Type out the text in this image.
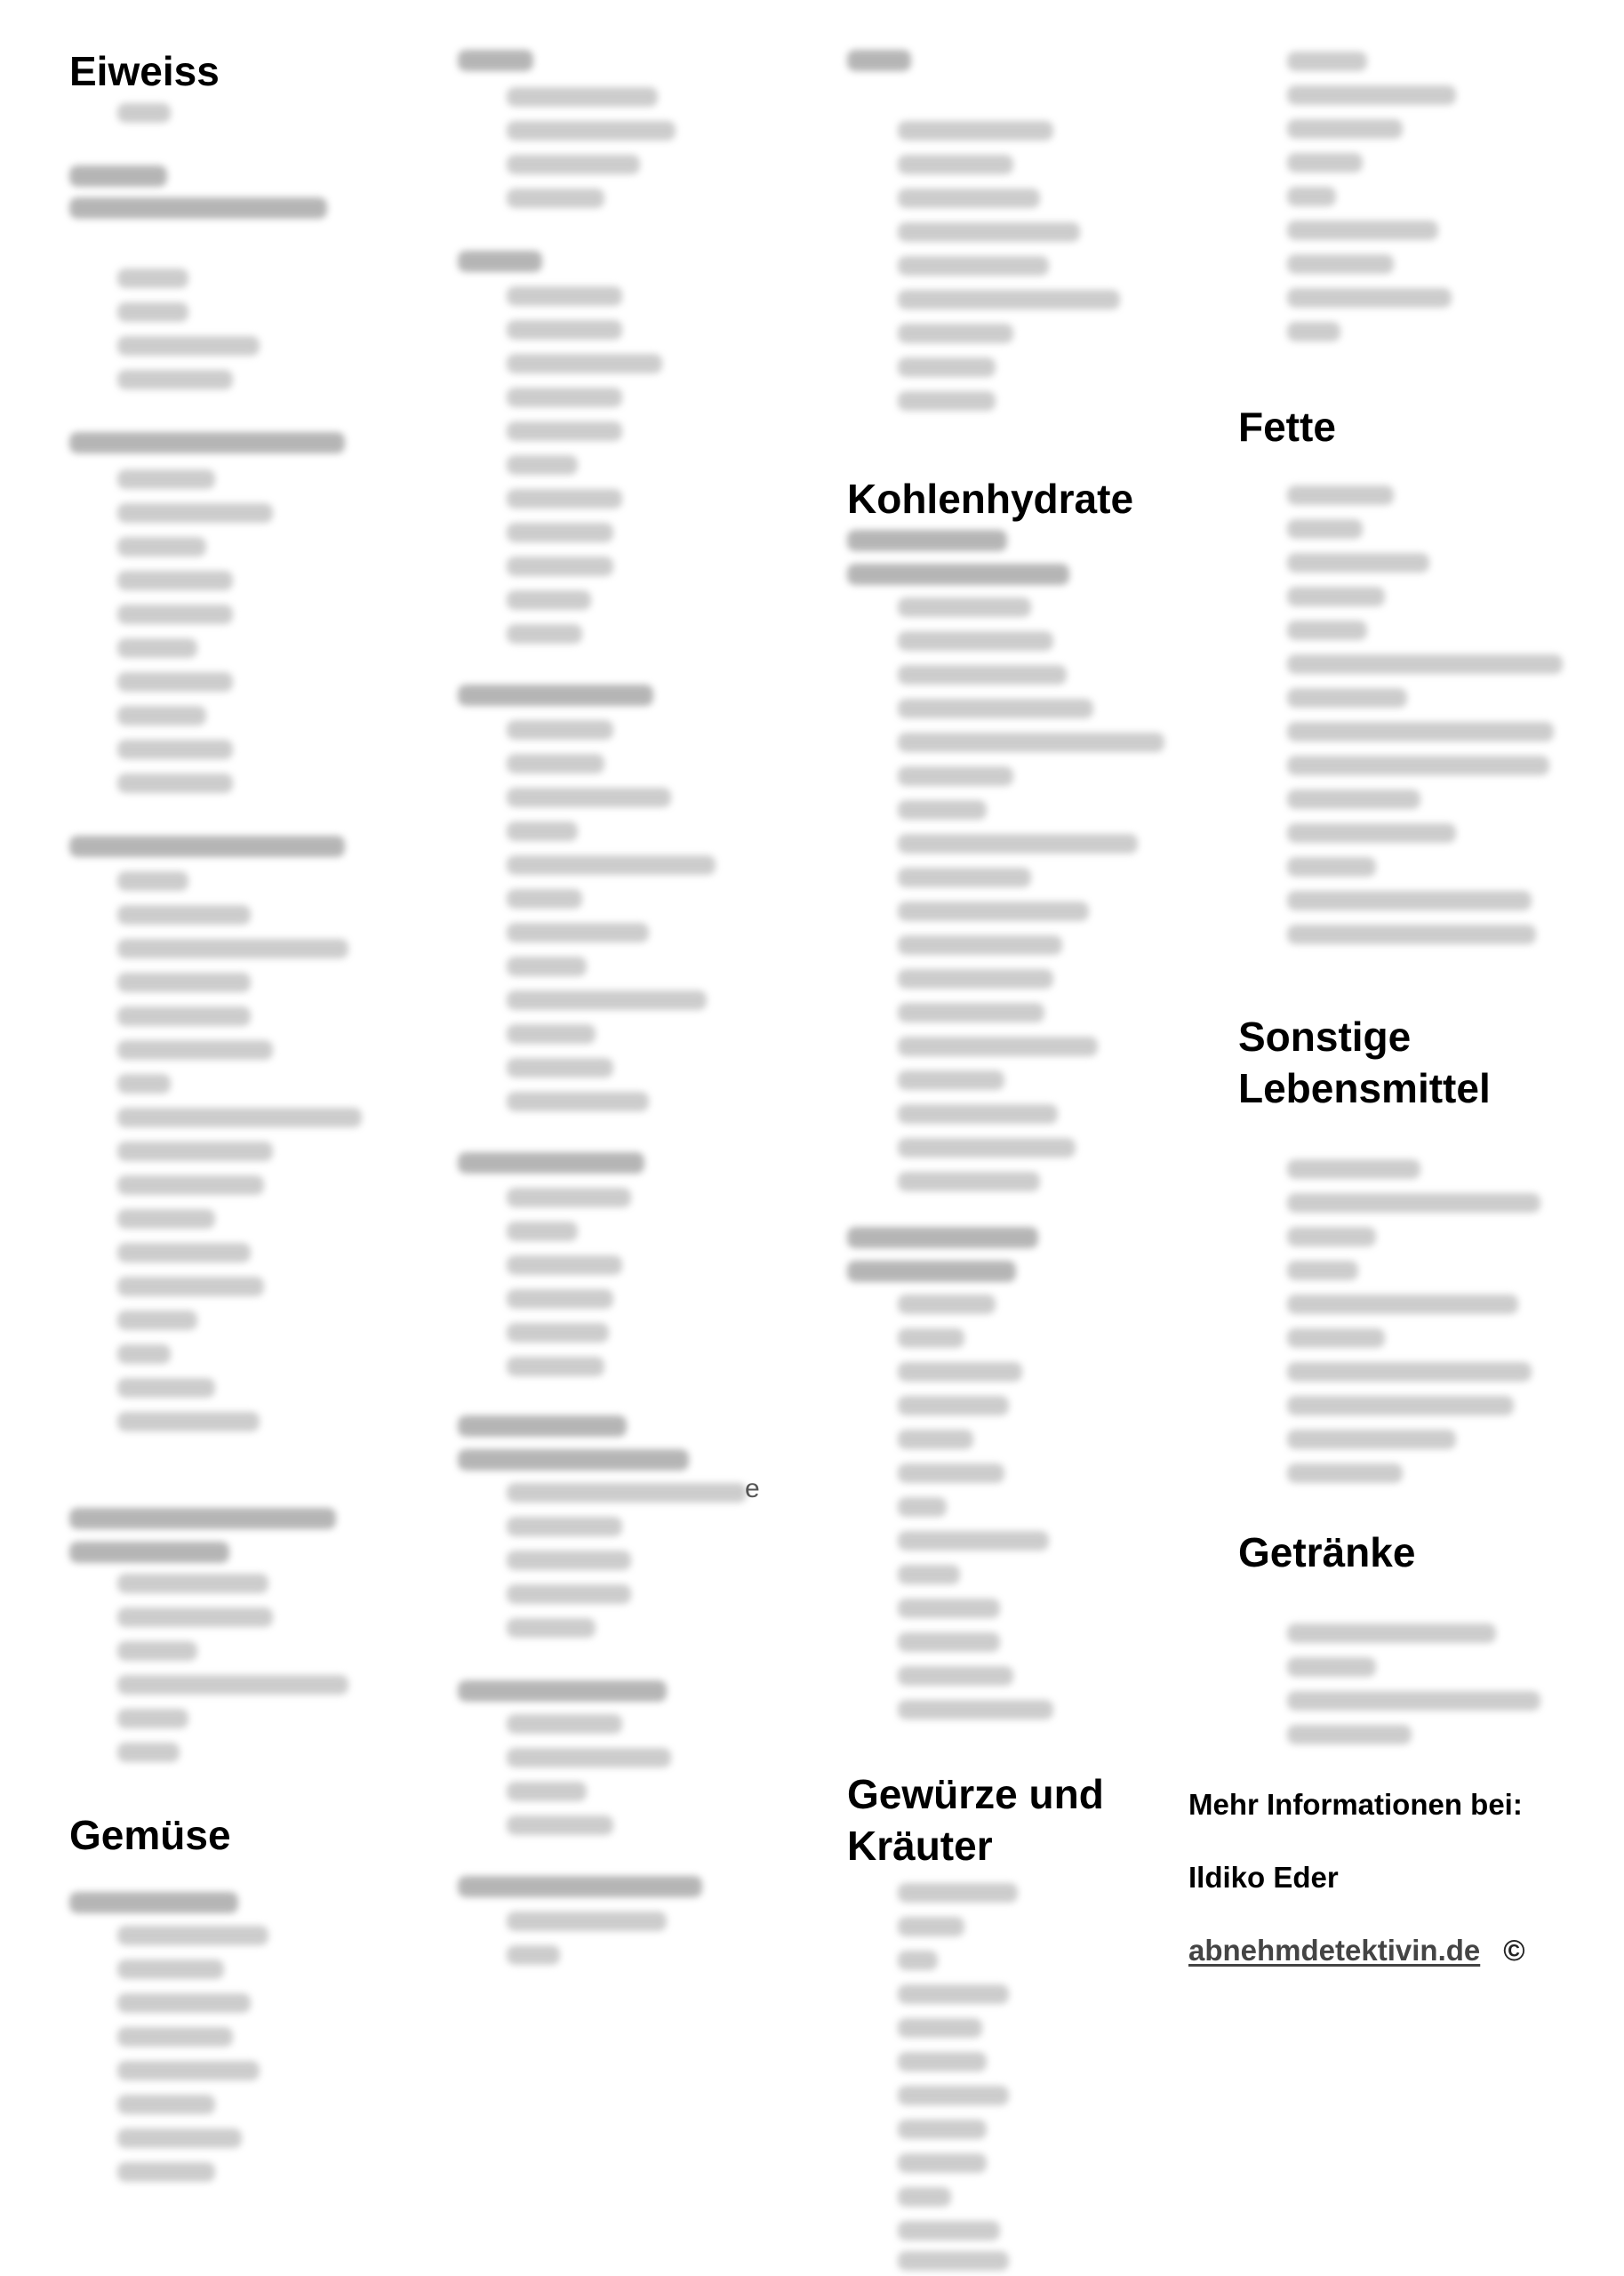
Eiweiss
Gemüse
e
Kohlenhydrate
Gewürze und
Kräuter
Fette
Sonstige
Lebensmittel
Getränke
Mehr Informationen bei:
Ildiko Eder
abnehmdetektivin.de ©
